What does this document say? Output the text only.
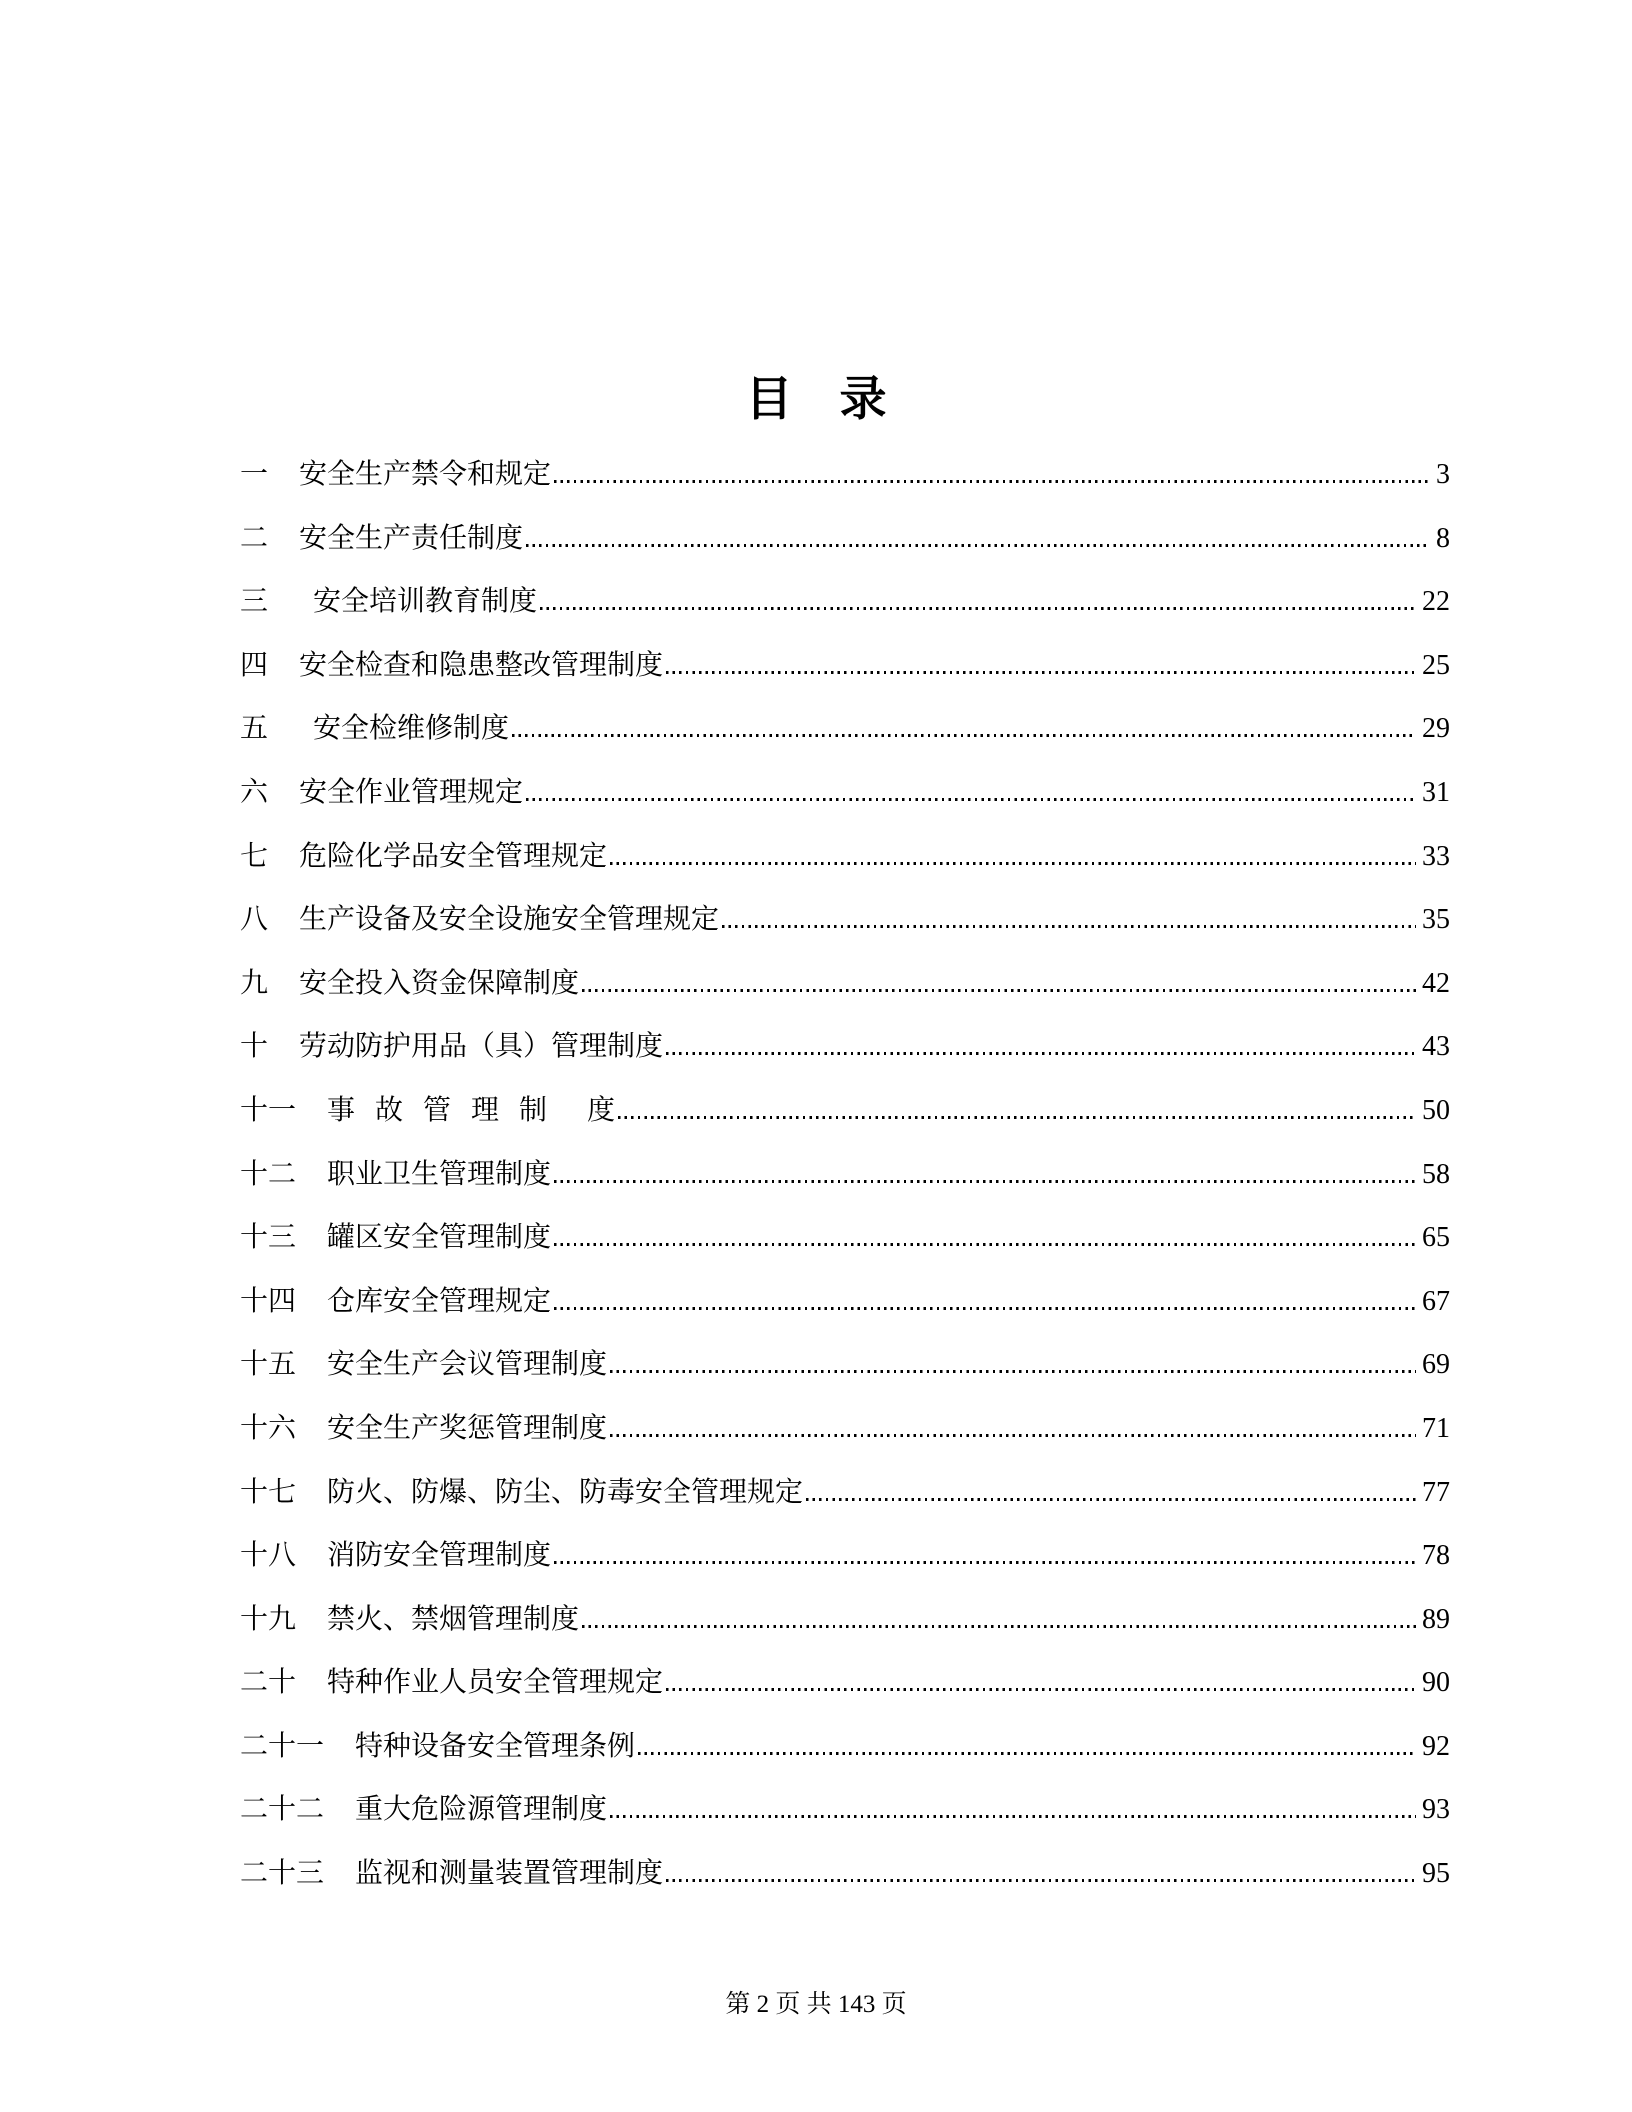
目　录
一 安全生产禁令和规定	3
二 安全生产责任制度	8
三 安全培训教育制度	22
四 安全检查和隐患整改管理制度	25
五 安全检维修制度	29
六 安全作业管理规定	31
七 危险化学品安全管理规定	33
八 生产设备及安全设施安全管理规定	35
九 安全投入资金保障制度	42
十 劳动防护用品（具）管理制度	43
十一 事 故 管 理 制  度	50
十二 职业卫生管理制度	58
十三 罐区安全管理制度	65
十四 仓库安全管理规定	67
十五 安全生产会议管理制度	69
十六 安全生产奖惩管理制度	71
十七 防火、防爆、防尘、防毒安全管理规定	77
十八 消防安全管理制度	78
十九 禁火、禁烟管理制度	89
二十 特种作业人员安全管理规定	90
二十一 特种设备安全管理条例	92
二十二 重大危险源管理制度	93
二十三 监视和测量装置管理制度	95
第 2 页 共 143 页
